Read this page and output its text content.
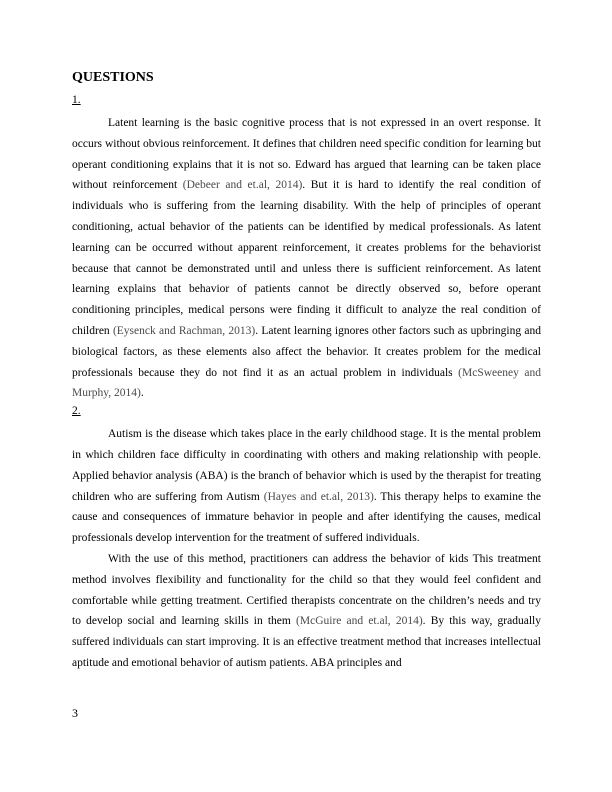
QUESTIONS
1.

Latent learning is the basic cognitive process that is not expressed in an overt response. It occurs without obvious reinforcement. It defines that children need specific condition for learning but operant conditioning explains that it is not so. Edward has argued that learning can be taken place without reinforcement (Debeer and et.al, 2014). But it is hard to identify the real condition of individuals who is suffering from the learning disability. With the help of principles of operant conditioning, actual behavior of the patients can be identified by medical professionals. As latent learning can be occurred without apparent reinforcement, it creates problems for the behaviorist because that cannot be demonstrated until and unless there is sufficient reinforcement. As latent learning explains that behavior of patients cannot be directly observed so, before operant conditioning principles, medical persons were finding it difficult to analyze the real condition of children (Eysenck and Rachman, 2013). Latent learning ignores other factors such as upbringing and biological factors, as these elements also affect the behavior. It creates problem for the medical professionals because they do not find it as an actual problem in individuals (McSweeney and Murphy, 2014).

2.

Autism is the disease which takes place in the early childhood stage. It is the mental problem in which children face difficulty in coordinating with others and making relationship with people. Applied behavior analysis (ABA) is the branch of behavior which is used by the therapist for treating children who are suffering from Autism (Hayes and et.al, 2013). This therapy helps to examine the cause and consequences of immature behavior in people and after identifying the causes, medical professionals develop intervention for the treatment of suffered individuals.

With the use of this method, practitioners can address the behavior of kids This treatment method involves flexibility and functionality for the child so that they would feel confident and comfortable while getting treatment. Certified therapists concentrate on the children’s needs and try to develop social and learning skills in them (McGuire and et.al, 2014). By this way, gradually suffered individuals can start improving. It is an effective treatment method that increases intellectual aptitude and emotional behavior of autism patients. ABA principles and

3
